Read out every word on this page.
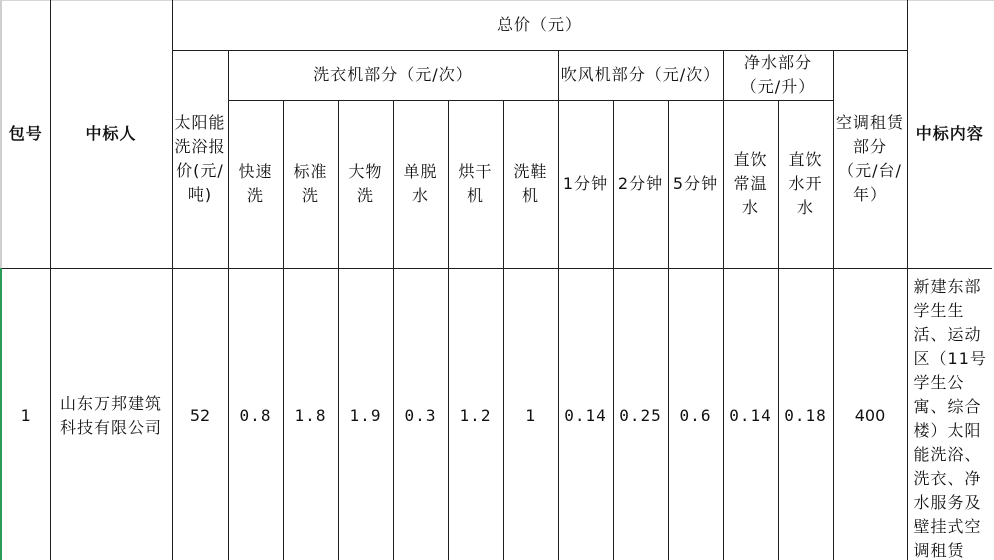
包号	中标人	总价（元）													中标内容
		太阳能洗浴报价(元/吨)	洗衣机部分（元/次）						吹风机部分（元/次）			净水部分（元/升）		空调租赁部分（元/台/年）	
			快速洗	标准洗	大物洗	单脱水	烘干机	洗鞋机	1分钟	2分钟	5分钟	直饮常温水	直饮水开水		
1	山东万邦建筑科技有限公司	52	0.8	1.8	1.9	0.3	1.2	1	0.14	0.25	0.6	0.14	0.18	400	新建东部学生生活、运动区（11号学生公寓、综合楼）太阳能洗浴、洗衣、净水服务及壁挂式空调租赁
